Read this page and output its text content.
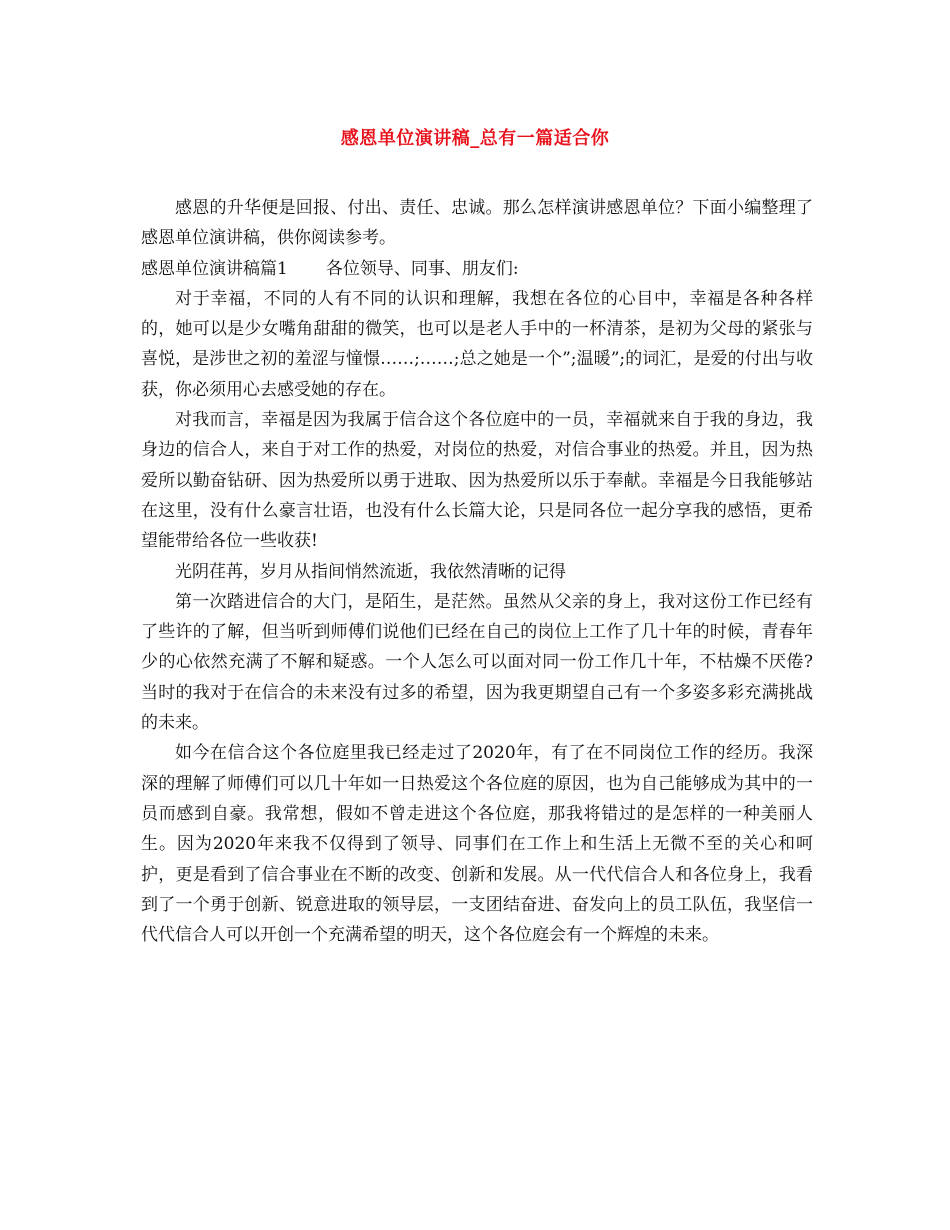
感恩单位演讲稿_总有一篇适合你

感恩的升华便是回报、付出、责任、忠诚。那么怎样演讲感恩单位？下面小编整理了感恩单位演讲稿，供你阅读参考。

感恩单位演讲稿篇1 各位领导、同事、朋友们:

对于幸福，不同的人有不同的认识和理解，我想在各位的心目中，幸福是各种各样的，她可以是少女嘴角甜甜的微笑，也可以是老人手中的一杯清茶，是初为父母的紧张与喜悦，是涉世之初的羞涩与憧憬……;……;总之她是一个”;温暖”;的词汇，是爱的付出与收获，你必须用心去感受她的存在。

对我而言，幸福是因为我属于信合这个各位庭中的一员，幸福就来自于我的身边，我身边的信合人，来自于对工作的热爱，对岗位的热爱，对信合事业的热爱。并且，因为热爱所以勤奋钻研、因为热爱所以勇于进取、因为热爱所以乐于奉献。幸福是今日我能够站在这里，没有什么豪言壮语，也没有什么长篇大论，只是同各位一起分享我的感悟，更希望能带给各位一些收获!

光阴荏苒，岁月从指间悄然流逝，我依然清晰的记得

第一次踏进信合的大门，是陌生，是茫然。虽然从父亲的身上，我对这份工作已经有了些许的了解，但当听到师傅们说他们已经在自己的岗位上工作了几十年的时候，青春年少的心依然充满了不解和疑惑。一个人怎么可以面对同一份工作几十年，不枯燥不厌倦?当时的我对于在信合的未来没有过多的希望，因为我更期望自己有一个多姿多彩充满挑战的未来。

如今在信合这个各位庭里我已经走过了2020年，有了在不同岗位工作的经历。我深深的理解了师傅们可以几十年如一日热爱这个各位庭的原因，也为自己能够成为其中的一员而感到自豪。我常想，假如不曾走进这个各位庭，那我将错过的是怎样的一种美丽人生。因为2020年来我不仅得到了领导、同事们在工作上和生活上无微不至的关心和呵护，更是看到了信合事业在不断的改变、创新和发展。从一代代信合人和各位身上，我看到了一个勇于创新、锐意进取的领导层，一支团结奋进、奋发向上的员工队伍，我坚信一代代信合人可以开创一个充满希望的明天，这个各位庭会有一个辉煌的未来。
